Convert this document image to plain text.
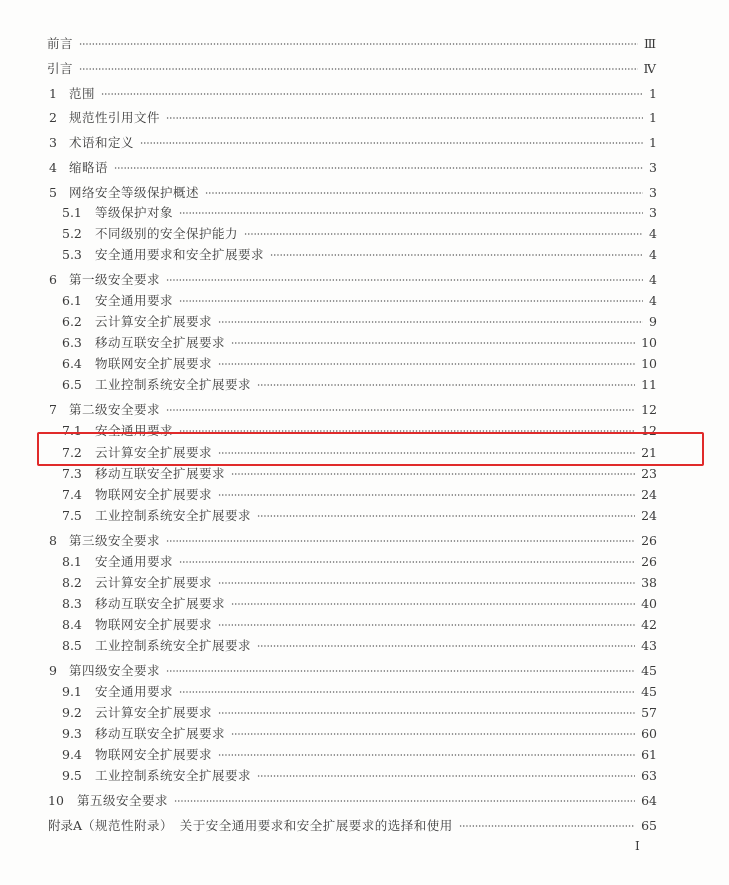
前言	Ⅲ
引言	Ⅳ
1 范围	1
2 规范性引用文件	1
3 术语和定义	1
4 缩略语	3
5 网络安全等级保护概述	3
5.1	等级保护对象	3
5.2	不同级别的安全保护能力	4
5.3	安全通用要求和安全扩展要求	4
6 第一级安全要求	4
6.1	安全通用要求	4
6.2	云计算安全扩展要求	9
6.3	移动互联安全扩展要求	10
6.4	物联网安全扩展要求	10
6.5	工业控制系统安全扩展要求	11
7 第二级安全要求	12
7.1	安全通用要求	12
7.2	云计算安全扩展要求	21
7.3	移动互联安全扩展要求	23
7.4	物联网安全扩展要求	24
7.5	工业控制系统安全扩展要求	24
8 第三级安全要求	26
8.1	安全通用要求	26
8.2	云计算安全扩展要求	38
8.3	移动互联安全扩展要求	40
8.4	物联网安全扩展要求	42
8.5	工业控制系统安全扩展要求	43
9 第四级安全要求	45
9.1	安全通用要求	45
9.2	云计算安全扩展要求	57
9.3	移动互联安全扩展要求	60
9.4	物联网安全扩展要求	61
9.5	工业控制系统安全扩展要求	63
10	第五级安全要求	64
附录A （规范性附录）　关于安全通用要求和安全扩展要求的选择和使用	65
Ⅰ
